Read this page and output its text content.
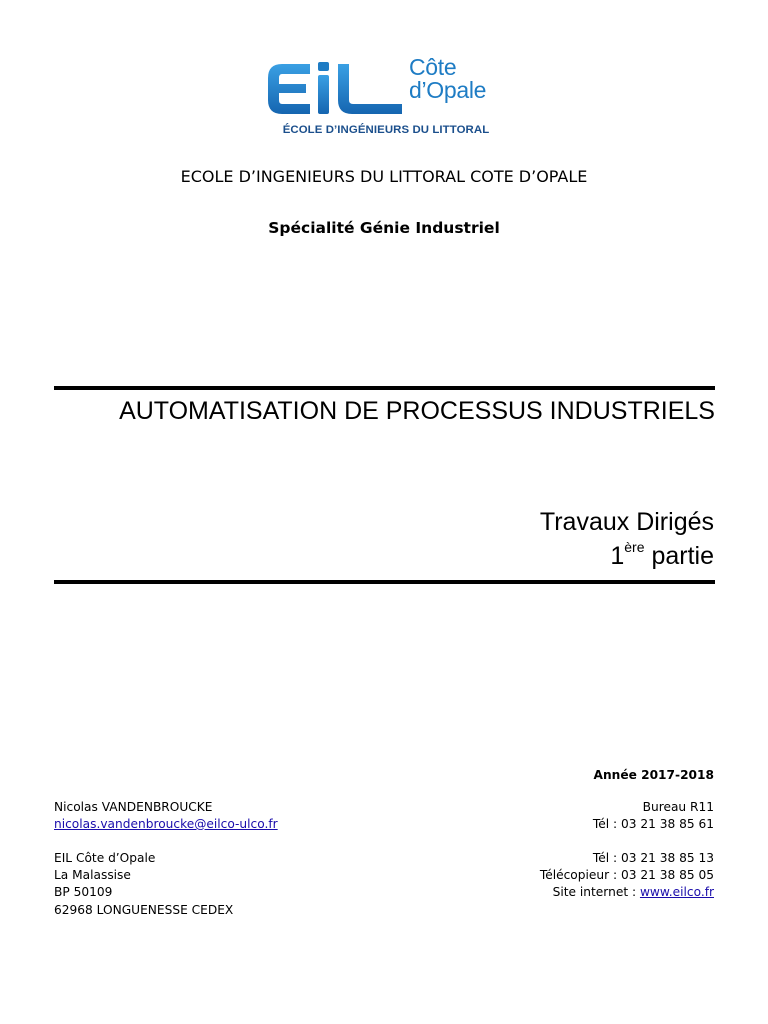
Côte
d’Opale
ÉCOLE D’INGÉNIEURS DU LITTORAL
ECOLE D’INGENIEURS DU LITTORAL COTE D’OPALE
Spécialité Génie Industriel
AUTOMATISATION DE PROCESSUS INDUSTRIELS
Travaux Dirigés
1ère partie
Année 2017-2018
Nicolas VANDENBROUCKE
nicolas.vandenbroucke@eilco-ulco.fr
Bureau R11
Tél : 03 21 38 85 61
EIL Côte d’Opale
La Malassise
BP 50109
62968 LONGUENESSE CEDEX
Tél : 03 21 38 85 13
Télécopieur : 03 21 38 85 05
Site internet : www.eilco.fr
